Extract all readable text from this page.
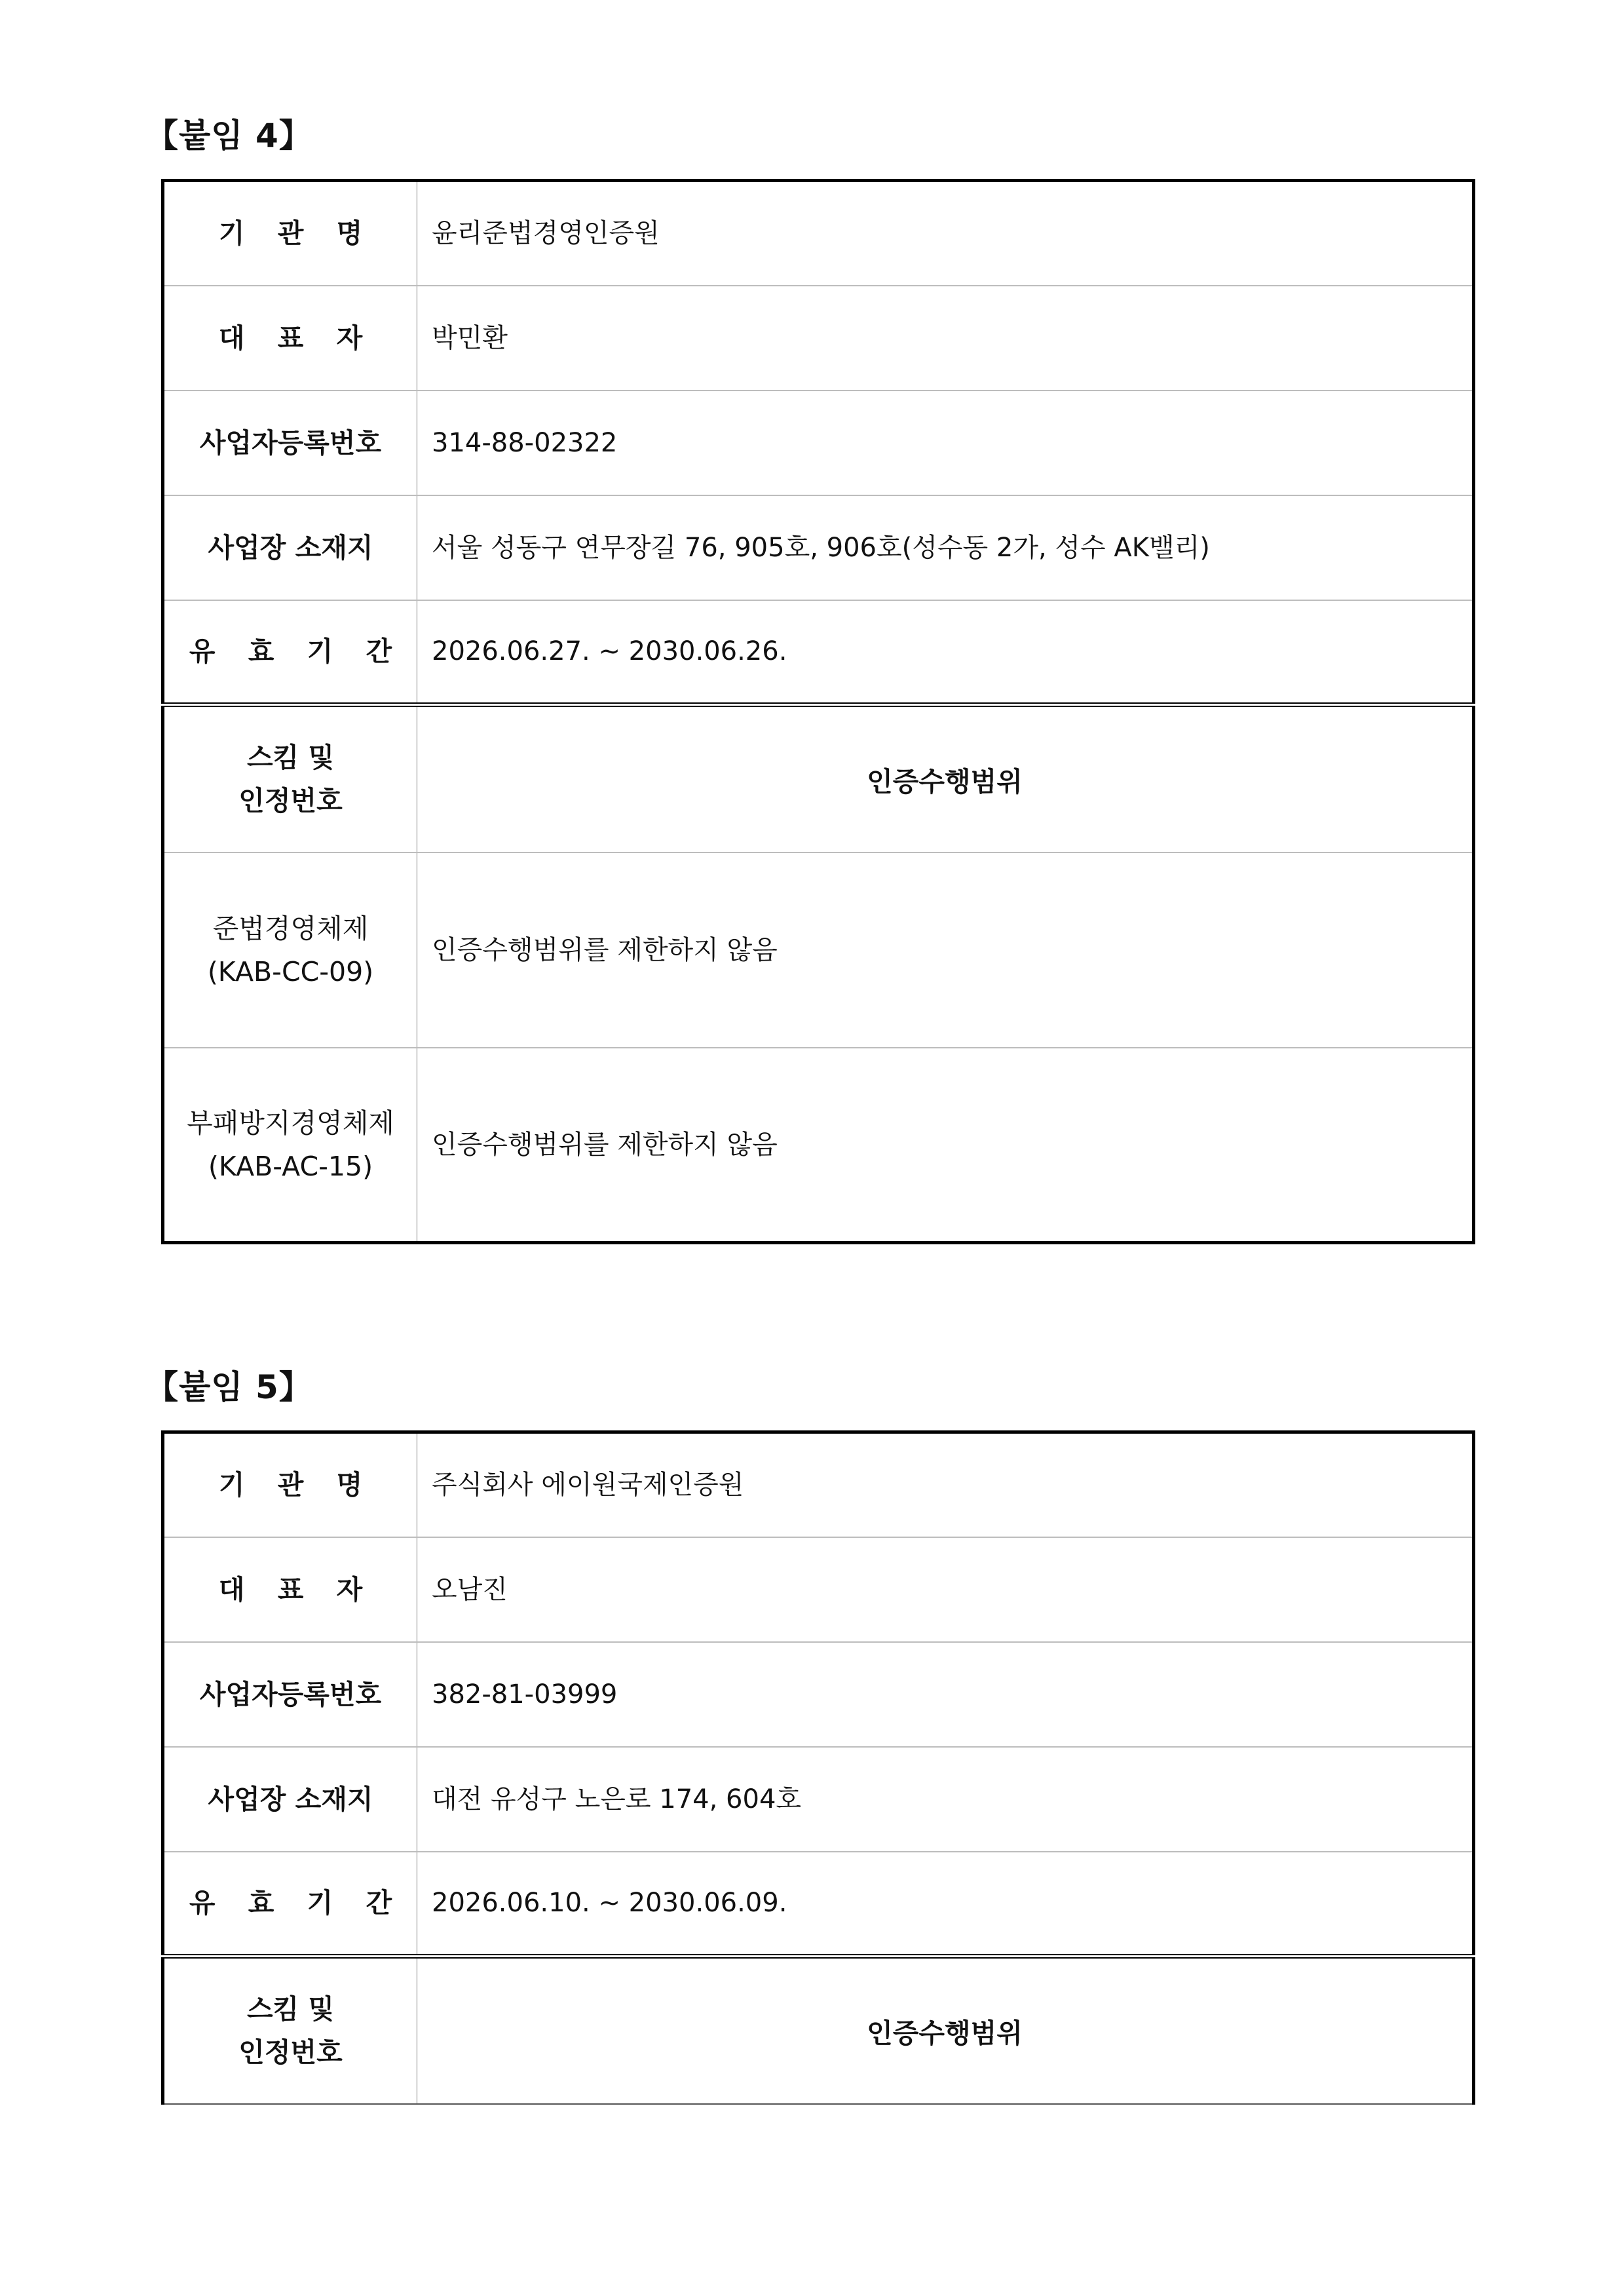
【붙임 4】
기 관 명	윤리준법경영인증원
대 표 자	박민환
사업자등록번호	314-88-02322
사업장 소재지	서울 성동구 연무장길 76, 905호, 906호(성수동 2가, 성수 AK밸리)
유 효 기 간	2026.06.27. ~ 2030.06.26.

스킴 및
인정번호	인증수행범위

준법경영체제
(KAB-CC-09)	인증수행범위를 제한하지 않음

부패방지경영체제
(KAB-AC-15)	인증수행범위를 제한하지 않음
【붙임 5】
기 관 명	주식회사 에이원국제인증원
대 표 자	오남진
사업자등록번호	382-81-03999
사업장 소재지	대전 유성구 노은로 174, 604호
유 효 기 간	2026.06.10. ~ 2030.06.09.

스킴 및
인정번호	인증수행범위
